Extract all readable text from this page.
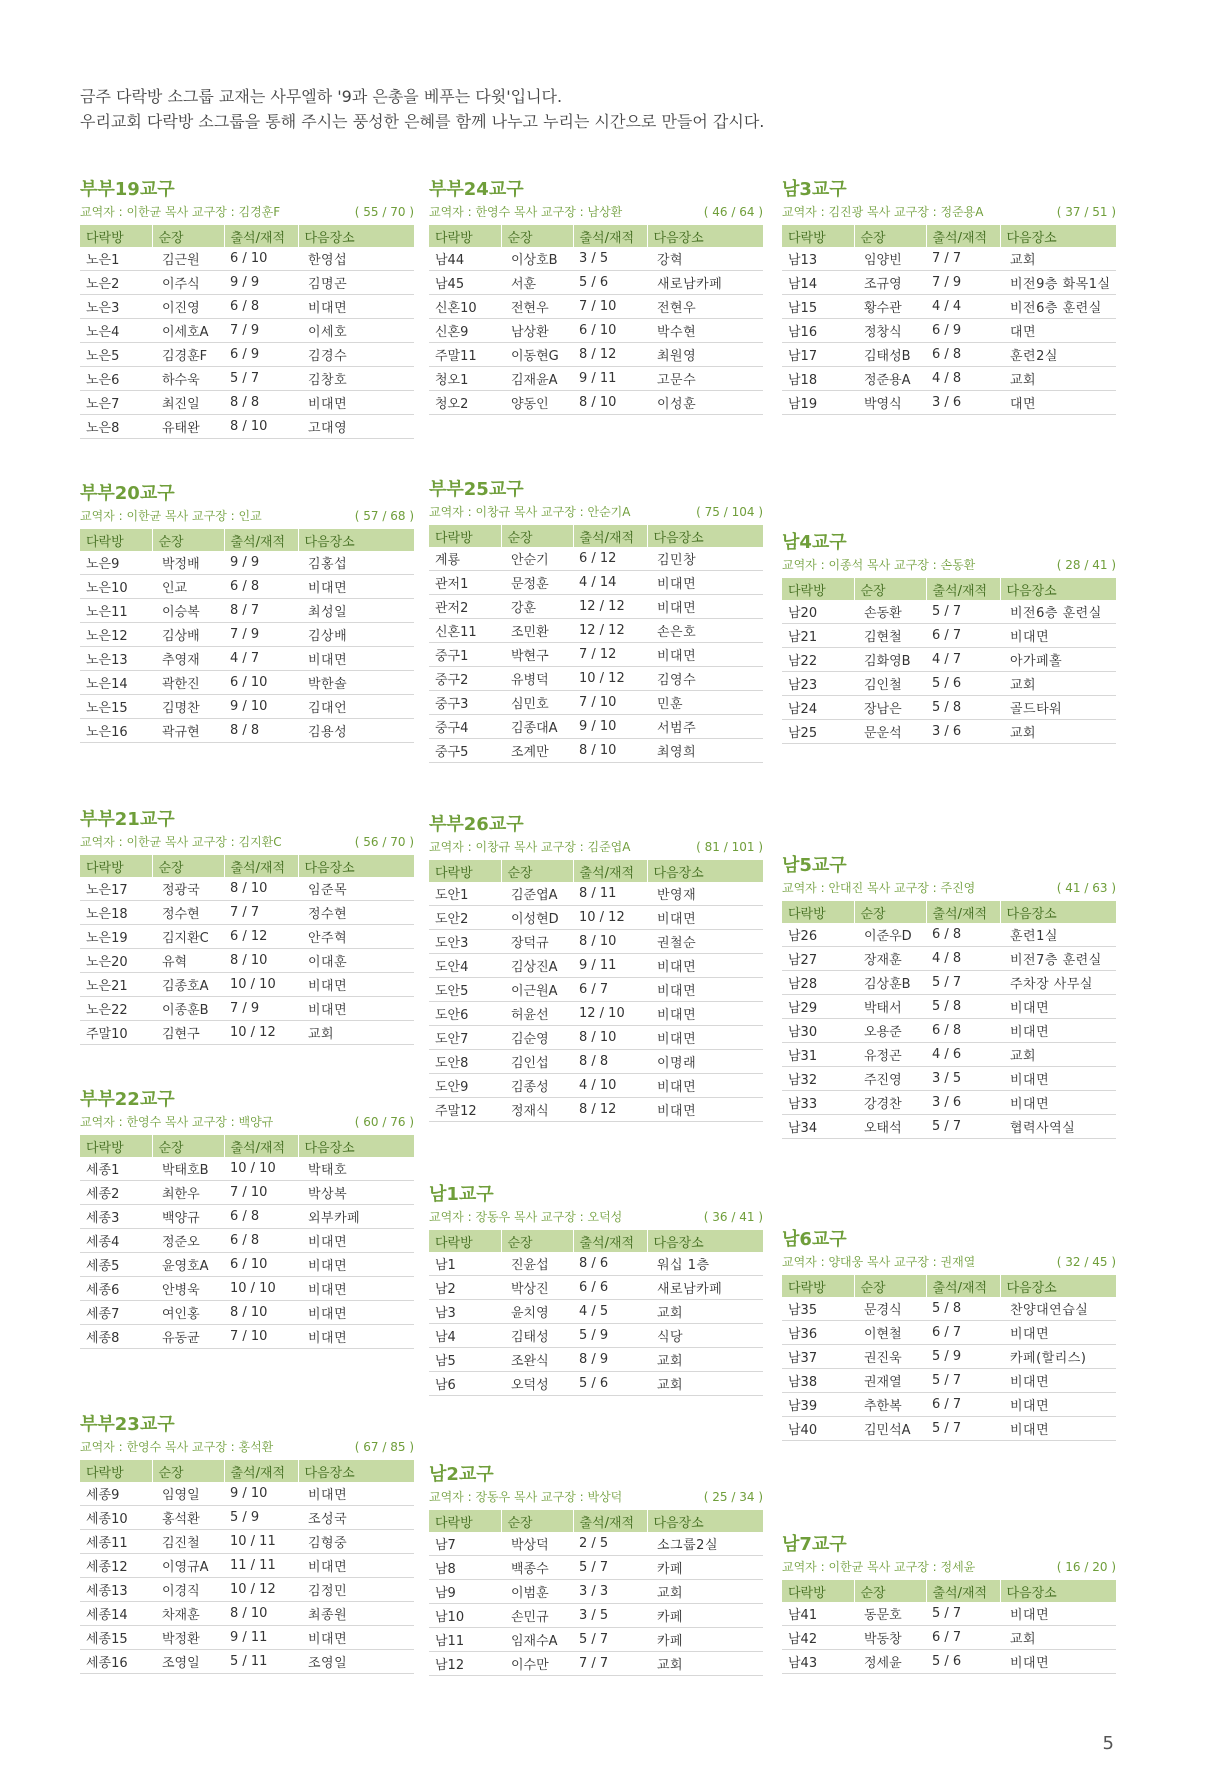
금주 다락방 소그룹 교재는 사무엘하 '9과 은총을 베푸는 다윗'입니다.

우리교회 다락방 소그룹을 통해 주시는 풍성한 은혜를 함께 나누고 누리는 시간으로 만들어 갑시다.

부부19교구
교역자 : 이한균 목사 교구장 : 김경훈F	( 55 / 70 )
다락방	순장	출석/재적	다음장소
노은1	김근원	6 / 10	한영섭
노은2	이주식	9 / 9	김명곤
노은3	이진영	6 / 8	비대면
노은4	이세호A	7 / 9	이세호
노은5	김경훈F	6 / 9	김경수
노은6	하수욱	5 / 7	김창호
노은7	최진일	8 / 8	비대면
노은8	유태완	8 / 10	고대영
부부24교구
교역자 : 한영수 목사 교구장 : 남상환	( 46 / 64 )
다락방	순장	출석/재적	다음장소
남44	이상호B	3 / 5	강혁
남45	서훈	5 / 6	새로남카페
신혼10	전현우	7 / 10	전현우
신혼9	남상환	6 / 10	박수현
주말11	이동현G	8 / 12	최원영
청오1	김재윤A	9 / 11	고문수
청오2	양동인	8 / 10	이성훈
남3교구
교역자 : 김진광 목사 교구장 : 정준용A	( 37 / 51 )
다락방	순장	출석/재적	다음장소
남13	임양빈	7 / 7	교회
남14	조규영	7 / 9	비전9층 화목1실
남15	황수관	4 / 4	비전6층 훈련실
남16	정창식	6 / 9	대면
남17	김태성B	6 / 8	훈련2실
남18	정준용A	4 / 8	교회
남19	박영식	3 / 6	대면
부부20교구
교역자 : 이한균 목사 교구장 : 인교	( 57 / 68 )
다락방	순장	출석/재적	다음장소
노은9	박정배	9 / 9	김홍섭
노은10	인교	6 / 8	비대면
노은11	이승복	8 / 7	최성일
노은12	김상배	7 / 9	김상배
노은13	추영재	4 / 7	비대면
노은14	곽한진	6 / 10	박한솔
노은15	김명찬	9 / 10	김대언
노은16	곽규현	8 / 8	김용성
부부25교구
교역자 : 이창규 목사 교구장 : 안순기A	( 75 / 104 )
다락방	순장	출석/재적	다음장소
계룡	안순기	6 / 12	김민창
관저1	문정훈	4 / 14	비대면
관저2	강훈	12 / 12	비대면
신혼11	조민환	12 / 12	손은호
중구1	박현구	7 / 12	비대면
중구2	유병덕	10 / 12	김영수
중구3	심민호	7 / 10	민훈
중구4	김종대A	9 / 10	서범주
중구5	조계만	8 / 10	최영희
남4교구
교역자 : 이종석 목사 교구장 : 손동환	( 28 / 41 )
다락방	순장	출석/재적	다음장소
남20	손동환	5 / 7	비전6층 훈련실
남21	김현철	6 / 7	비대면
남22	김화영B	4 / 7	아가페홀
남23	김인철	5 / 6	교회
남24	장남은	5 / 8	골드타워
남25	문운석	3 / 6	교회
부부21교구
교역자 : 이한균 목사 교구장 : 김지환C	( 56 / 70 )
다락방	순장	출석/재적	다음장소
노은17	정광국	8 / 10	임준목
노은18	정수현	7 / 7	정수현
노은19	김지환C	6 / 12	안주혁
노은20	유혁	8 / 10	이대훈
노은21	김종호A	10 / 10	비대면
노은22	이종훈B	7 / 9	비대면
주말10	김현구	10 / 12	교회
부부26교구
교역자 : 이창규 목사 교구장 : 김준엽A	( 81 / 101 )
다락방	순장	출석/재적	다음장소
도안1	김준엽A	8 / 11	반영재
도안2	이성현D	10 / 12	비대면
도안3	장덕규	8 / 10	권철순
도안4	김상진A	9 / 11	비대면
도안5	이근원A	6 / 7	비대면
도안6	허윤선	12 / 10	비대면
도안7	김순영	8 / 10	비대면
도안8	김인섭	8 / 8	이명래
도안9	김종성	4 / 10	비대면
주말12	정재식	8 / 12	비대면
남5교구
교역자 : 안대진 목사 교구장 : 주진영	( 41 / 63 )
다락방	순장	출석/재적	다음장소
남26	이준우D	6 / 8	훈련1실
남27	장재훈	4 / 8	비전7층 훈련실
남28	김상훈B	5 / 7	주차장 사무실
남29	박태서	5 / 8	비대면
남30	오용준	6 / 8	비대면
남31	유정곤	4 / 6	교회
남32	주진영	3 / 5	비대면
남33	강경찬	3 / 6	비대면
남34	오태석	5 / 7	협력사역실
부부22교구
교역자 : 한영수 목사 교구장 : 백양규	( 60 / 76 )
다락방	순장	출석/재적	다음장소
세종1	박태호B	10 / 10	박태호
세종2	최한우	7 / 10	박상복
세종3	백양규	6 / 8	외부카페
세종4	정준오	6 / 8	비대면
세종5	윤영호A	6 / 10	비대면
세종6	안병욱	10 / 10	비대면
세종7	여인홍	8 / 10	비대면
세종8	유동균	7 / 10	비대면
남1교구
교역자 : 장동우 목사 교구장 : 오덕성	( 36 / 41 )
다락방	순장	출석/재적	다음장소
남1	진윤섭	8 / 6	워십 1층
남2	박상진	6 / 6	새로남카페
남3	윤치영	4 / 5	교회
남4	김태성	5 / 9	식당
남5	조완식	8 / 9	교회
남6	오덕성	5 / 6	교회
남6교구
교역자 : 양대웅 목사 교구장 : 권재열	( 32 / 45 )
다락방	순장	출석/재적	다음장소
남35	문경식	5 / 8	찬양대연습실
남36	이현철	6 / 7	비대면
남37	권진욱	5 / 9	카페(할리스)
남38	권재열	5 / 7	비대면
남39	추한복	6 / 7	비대면
남40	김민석A	5 / 7	비대면
부부23교구
교역자 : 한영수 목사 교구장 : 홍석환	( 67 / 85 )
다락방	순장	출석/재적	다음장소
세종9	임영일	9 / 10	비대면
세종10	홍석환	5 / 9	조성국
세종11	김진철	10 / 11	김형중
세종12	이영규A	11 / 11	비대면
세종13	이경직	10 / 12	김정민
세종14	차재훈	8 / 10	최종원
세종15	박정환	9 / 11	비대면
세종16	조영일	5 / 11	조영일
남2교구
교역자 : 장동우 목사 교구장 : 박상덕	( 25 / 34 )
다락방	순장	출석/재적	다음장소
남7	박상덕	2 / 5	소그룹2실
남8	백종수	5 / 7	카페
남9	이범훈	3 / 3	교회
남10	손민규	3 / 5	카페
남11	임재수A	5 / 7	카페
남12	이수만	7 / 7	교회
남7교구
교역자 : 이한균 목사 교구장 : 정세윤	( 16 / 20 )
다락방	순장	출석/재적	다음장소
남41	동문호	5 / 7	비대면
남42	박동창	6 / 7	교회
남43	정세윤	5 / 6	비대면
5
